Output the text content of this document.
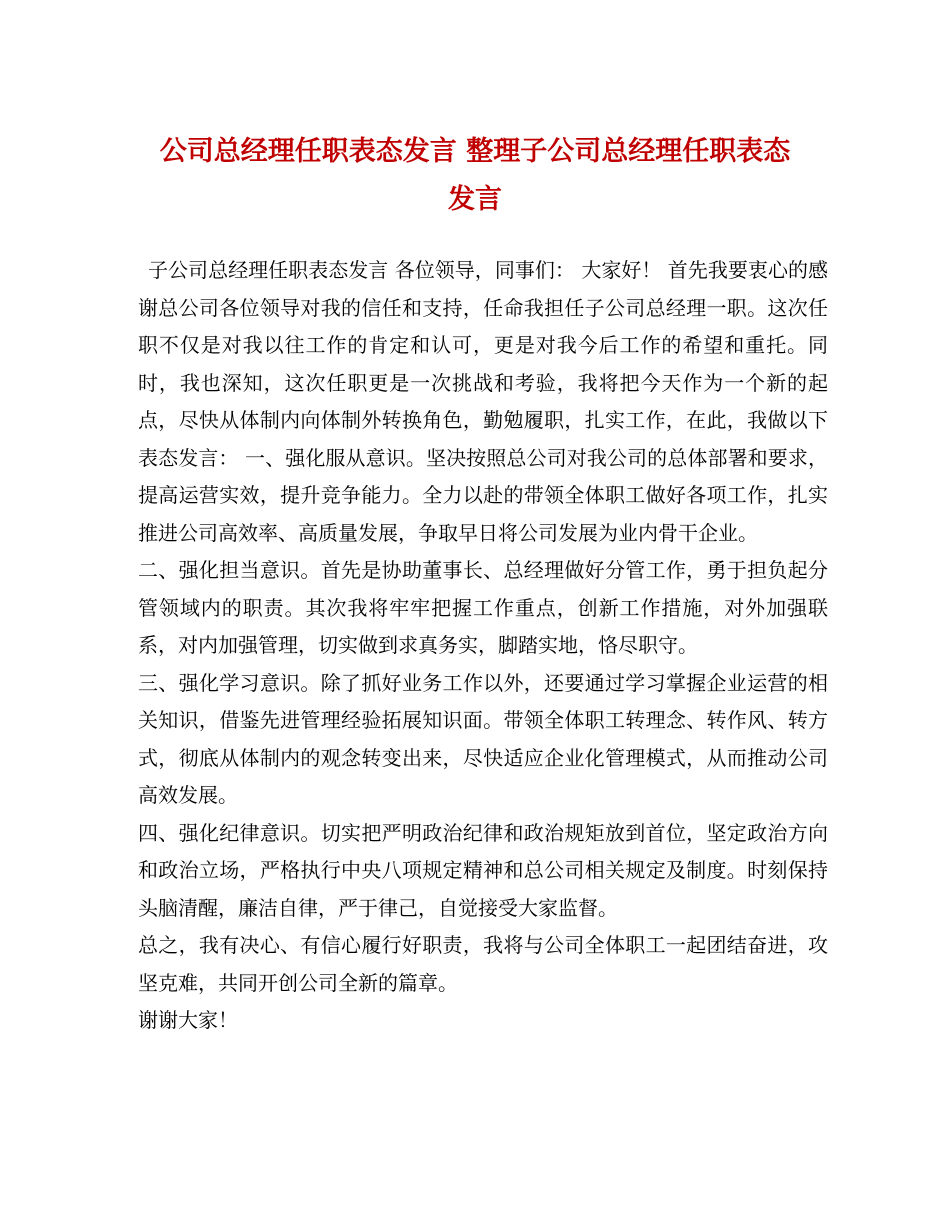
公司总经理任职表态发言 整理子公司总经理任职表态
发言

子公司总经理任职表态发言 各位领导，同事们： 大家好！ 首先我要衷心的感谢总公司各位领导对我的信任和支持，任命我担任子公司总经理一职。这次任职不仅是对我以往工作的肯定和认可，更是对我今后工作的希望和重托。同时，我也深知，这次任职更是一次挑战和考验，我将把今天作为一个新的起点，尽快从体制内向体制外转换角色，勤勉履职，扎实工作，在此，我做以下表态发言： 一、强化服从意识。坚决按照总公司对我公司的总体部署和要求，提高运营实效，提升竞争能力。全力以赴的带领全体职工做好各项工作，扎实推进公司高效率、高质量发展，争取早日将公司发展为业内骨干企业。

二、强化担当意识。首先是协助董事长、总经理做好分管工作，勇于担负起分管领域内的职责。其次我将牢牢把握工作重点，创新工作措施，对外加强联系，对内加强管理，切实做到求真务实，脚踏实地，恪尽职守。

三、强化学习意识。除了抓好业务工作以外，还要通过学习掌握企业运营的相关知识，借鉴先进管理经验拓展知识面。带领全体职工转理念、转作风、转方式，彻底从体制内的观念转变出来，尽快适应企业化管理模式，从而推动公司高效发展。

四、强化纪律意识。切实把严明政治纪律和政治规矩放到首位，坚定政治方向和政治立场，严格执行中央八项规定精神和总公司相关规定及制度。时刻保持头脑清醒，廉洁自律，严于律己，自觉接受大家监督。

总之，我有决心、有信心履行好职责，我将与公司全体职工一起团结奋进，攻坚克难，共同开创公司全新的篇章。

谢谢大家！
